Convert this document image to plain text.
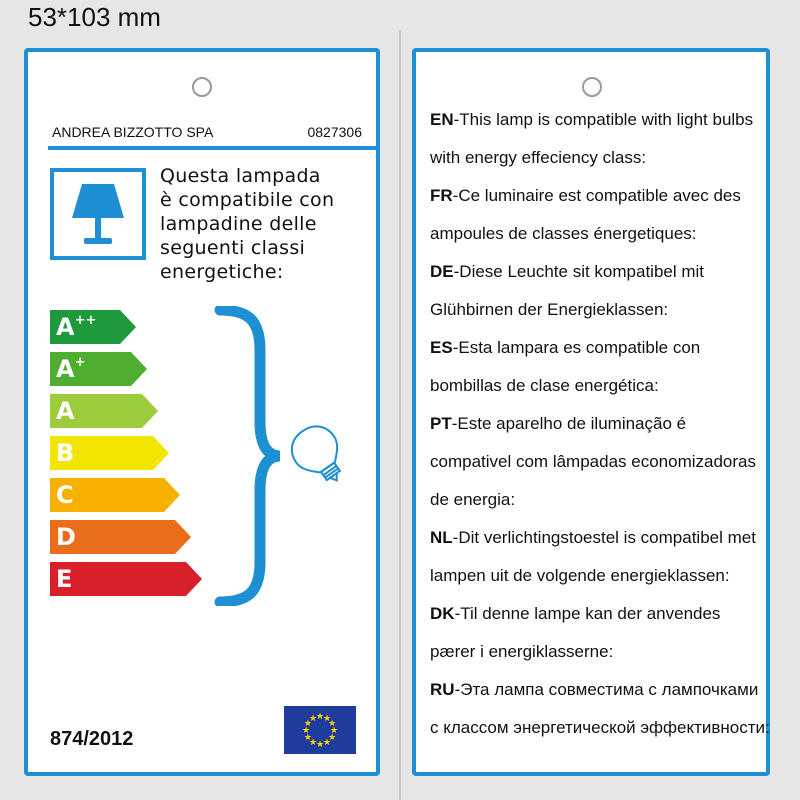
53*103 mm
ANDREA BIZZOTTO SPA	0827306
Questa lampada
è compatibile con
lampadine delle
seguenti classi
energetiche:
A++
A+
A
B
C
D
E
874/2012	★
★
★
★
★
★
★
★
★
★
★
★
EN-This lamp is compatible with light bulbs
with energy effeciency class:
FR-Ce luminaire est compatible avec des
ampoules de classes énergetiques:
DE-Diese Leuchte sit kompatibel mit
Glühbirnen der Energieklassen:
ES-Esta lampara es compatible con
bombillas de clase energética:
PT-Este aparelho de iluminação é
compativel com lâmpadas economizadoras
de energia:
NL-Dit verlichtingstoestel is compatibel met
lampen uit de volgende energieklassen:
DK-Til denne lampe kan der anvendes
pærer i energiklasserne:
RU-Эта лампа совместима с лампочками
с классом энергетической эффективности:
